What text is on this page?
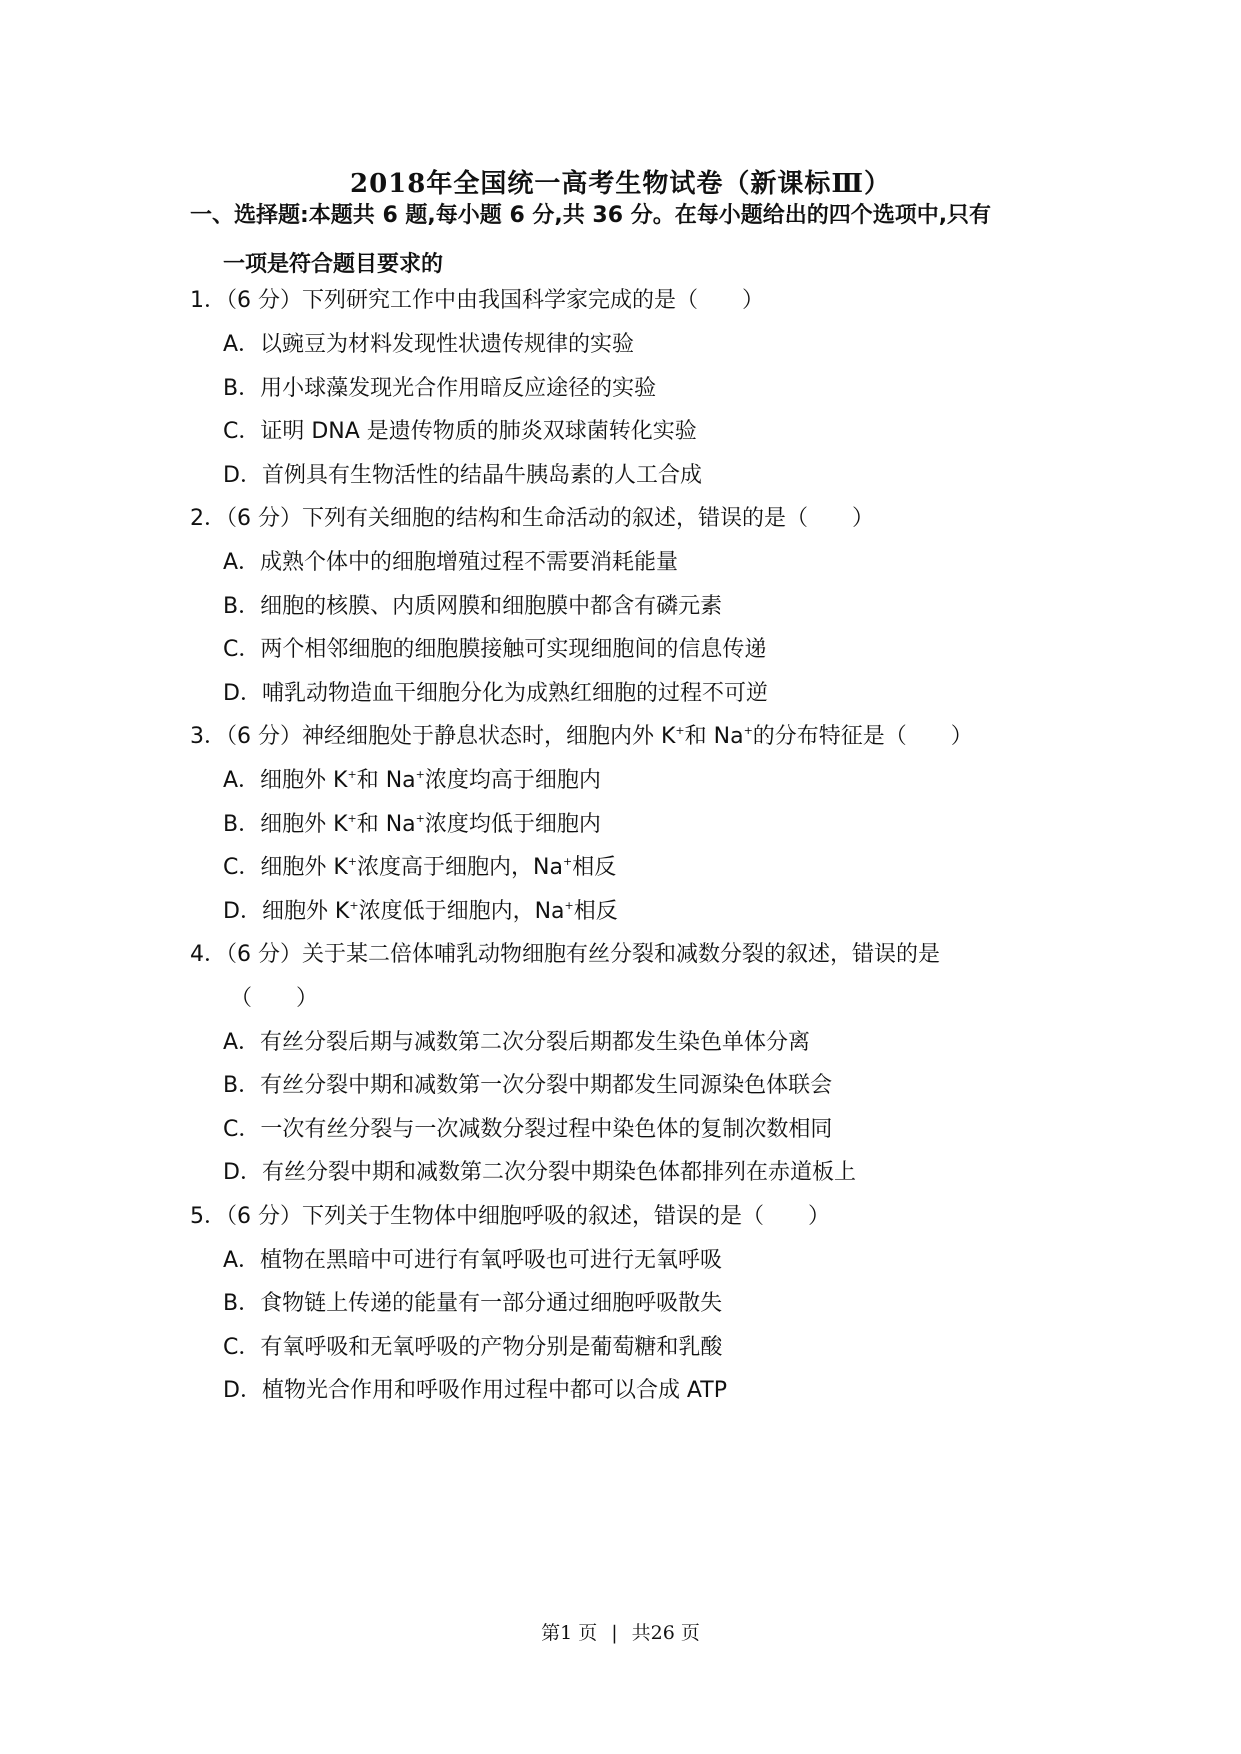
2018年全国统一高考生物试卷（新课标Ⅲ）
一、选择题:本题共 6 题,每小题 6 分,共 36 分。在每小题给出的四个选项中,只有
一项是符合题目要求的
1．（6 分）下列研究工作中由我国科学家完成的是（　　）
A．以豌豆为材料发现性状遗传规律的实验
B．用小球藻发现光合作用暗反应途径的实验
C．证明 DNA 是遗传物质的肺炎双球菌转化实验
D．首例具有生物活性的结晶牛胰岛素的人工合成
2．（6 分）下列有关细胞的结构和生命活动的叙述，错误的是（　　）
A．成熟个体中的细胞增殖过程不需要消耗能量
B．细胞的核膜、内质网膜和细胞膜中都含有磷元素
C．两个相邻细胞的细胞膜接触可实现细胞间的信息传递
D．哺乳动物造血干细胞分化为成熟红细胞的过程不可逆
3．（6 分）神经细胞处于静息状态时，细胞内外 K+和 Na+的分布特征是（　　）
A．细胞外 K+和 Na+浓度均高于细胞内
B．细胞外 K+和 Na+浓度均低于细胞内
C．细胞外 K+浓度高于细胞内，Na+相反
D．细胞外 K+浓度低于细胞内，Na+相反
4．（6 分）关于某二倍体哺乳动物细胞有丝分裂和减数分裂的叙述，错误的是
（　　）
A．有丝分裂后期与减数第二次分裂后期都发生染色单体分离
B．有丝分裂中期和减数第一次分裂中期都发生同源染色体联会
C．一次有丝分裂与一次减数分裂过程中染色体的复制次数相同
D．有丝分裂中期和减数第二次分裂中期染色体都排列在赤道板上
5．（6 分）下列关于生物体中细胞呼吸的叙述，错误的是（　　）
A．植物在黑暗中可进行有氧呼吸也可进行无氧呼吸
B．食物链上传递的能量有一部分通过细胞呼吸散失
C．有氧呼吸和无氧呼吸的产物分别是葡萄糖和乳酸
D．植物光合作用和呼吸作用过程中都可以合成 ATP
第1 页 | 共26 页
